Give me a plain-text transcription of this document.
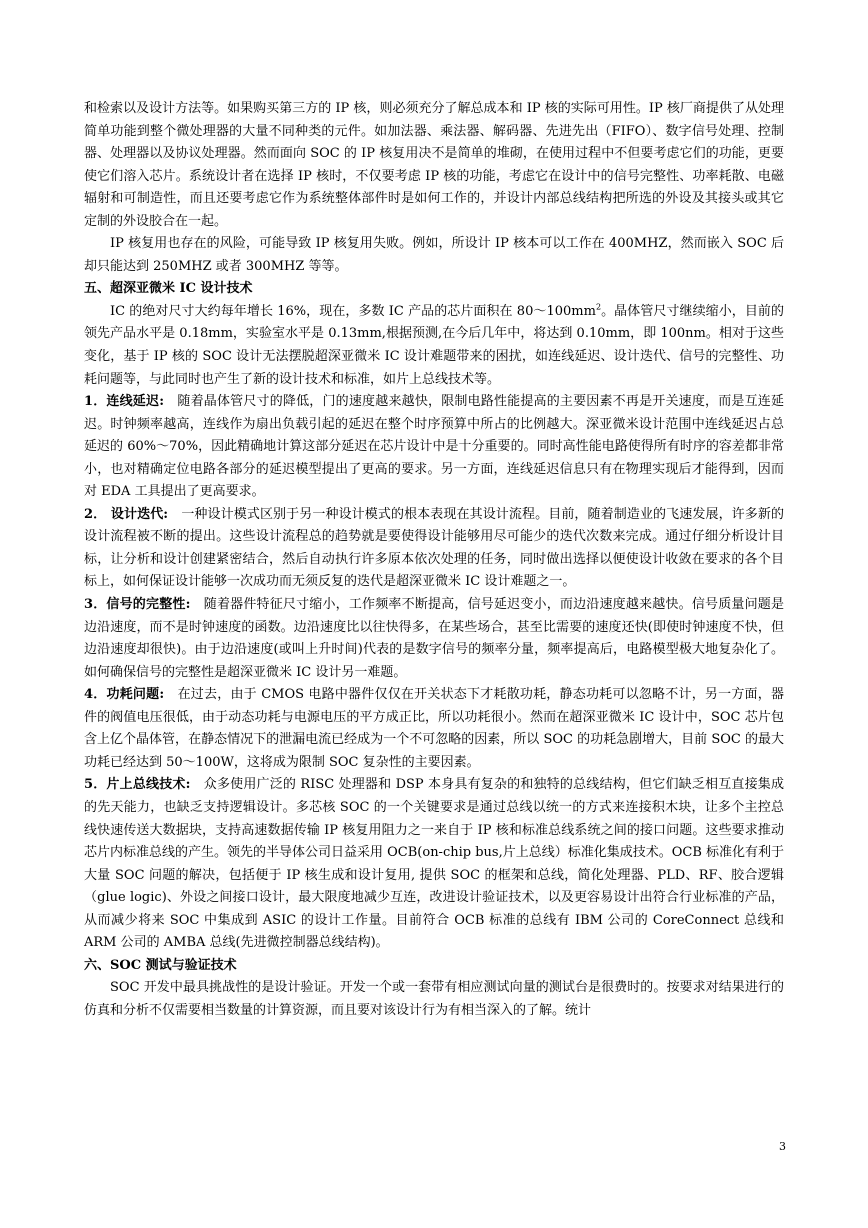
和检索以及设计方法等。如果购买第三方的 IP 核，则必须充分了解总成本和 IP 核的实际可用性。IP 核厂商提供了从处理简单功能到整个微处理器的大量不同种类的元件。如加法器、乘法器、解码器、先进先出（FIFO）、数字信号处理、控制器、处理器以及协议处理器。然而面向 SOC 的 IP 核复用决不是简单的堆砌，在使用过程中不但要考虑它们的功能，更要使它们溶入芯片。系统设计者在选择 IP 核时，不仅要考虑 IP 核的功能，考虑它在设计中的信号完整性、功率耗散、电磁辐射和可制造性，而且还要考虑它作为系统整体部件时是如何工作的，并设计内部总线结构把所选的外设及其接头或其它定制的外设胶合在一起。

IP 核复用也存在的风险，可能导致 IP 核复用失败。例如，所设计 IP 核本可以工作在 400MHZ，然而嵌入 SOC 后却只能达到 250MHZ 或者 300MHZ 等等。

五、超深亚微米 IC 设计技术

IC 的绝对尺寸大约每年增长 16%，现在，多数 IC 产品的芯片面积在 $80\sim 100mm^2$。晶体管尺寸继续缩小，目前的领先产品水平是 0.18mm，实验室水平是 0.13mm,根据预测,在今后几年中，将达到 0.10mm，即 100nm。相对于这些变化，基于 IP 核的 SOC 设计无法摆脱超深亚微米 IC 设计难题带来的困扰，如连线延迟、设计迭代、信号的完整性、功耗问题等，与此同时也产生了新的设计技术和标准，如片上总线技术等。

1．连线延迟:　随着晶体管尺寸的降低，门的速度越来越快，限制电路性能提高的主要因素不再是开关速度，而是互连延迟。时钟频率越高，连线作为扇出负载引起的延迟在整个时序预算中所占的比例越大。深亚微米设计范围中连线延迟占总延迟的 60%～70%，因此精确地计算这部分延迟在芯片设计中是十分重要的。同时高性能电路使得所有时序的容差都非常小，也对精确定位电路各部分的延迟模型提出了更高的要求。另一方面，连线延迟信息只有在物理实现后才能得到，因而对 EDA 工具提出了更高要求。

2． 设计迭代:　一种设计模式区别于另一种设计模式的根本表现在其设计流程。目前，随着制造业的飞速发展，许多新的设计流程被不断的提出。这些设计流程总的趋势就是要使得设计能够用尽可能少的迭代次数来完成。通过仔细分析设计目标，让分析和设计创建紧密结合，然后自动执行许多原本依次处理的任务，同时做出选择以便使设计收敛在要求的各个目标上，如何保证设计能够一次成功而无须反复的迭代是超深亚微米 IC 设计难题之一。

3．信号的完整性:　随着器件特征尺寸缩小，工作频率不断提高，信号延迟变小，而边沿速度越来越快。信号质量问题是边沿速度，而不是时钟速度的函数。边沿速度比以往快得多，在某些场合，甚至比需要的速度还快(即使时钟速度不快，但边沿速度却很快)。由于边沿速度(或叫上升时间)代表的是数字信号的频率分量，频率提高后，电路模型极大地复杂化了。如何确保信号的完整性是超深亚微米 IC 设计另一难题。

4．功耗问题:　在过去，由于 CMOS 电路中器件仅仅在开关状态下才耗散功耗，静态功耗可以忽略不计，另一方面，器件的阀值电压很低，由于动态功耗与电源电压的平方成正比，所以功耗很小。然而在超深亚微米 IC 设计中，SOC 芯片包含上亿个晶体管，在静态情况下的泄漏电流已经成为一个不可忽略的因素，所以 SOC 的功耗急剧增大，目前 SOC 的最大功耗已经达到 50～100W，这将成为限制 SOC 复杂性的主要因素。

5．片上总线技术:　众多使用广泛的 RISC 处理器和 DSP 本身具有复杂的和独特的总线结构，但它们缺乏相互直接集成的先天能力，也缺乏支持逻辑设计。多芯核 SOC 的一个关键要求是通过总线以统一的方式来连接积木块，让多个主控总线快速传送大数据块，支持高速数据传输 IP 核复用阻力之一来自于 IP 核和标准总线系统之间的接口问题。这些要求推动芯片内标准总线的产生。领先的半导体公司日益采用 OCB(on-chip bus,片上总线）标准化集成技术。OCB 标准化有利于大量 SOC 问题的解决，包括便于 IP 核生成和设计复用, 提供 SOC 的框架和总线，简化处理器、PLD、RF、胶合逻辑（glue logic)、外设之间接口设计，最大限度地减少互连，改进设计验证技术，以及更容易设计出符合行业标准的产品，从而减少将来 SOC 中集成到 ASIC 的设计工作量。目前符合 OCB 标准的总线有 IBM 公司的 CoreConnect 总线和 ARM 公司的 AMBA 总线(先进微控制器总线结构)。

六、SOC 测试与验证技术

SOC 开发中最具挑战性的是设计验证。开发一个或一套带有相应测试向量的测试台是很费时的。按要求对结果进行的仿真和分析不仅需要相当数量的计算资源，而且要对该设计行为有相当深入的了解。统计

3
